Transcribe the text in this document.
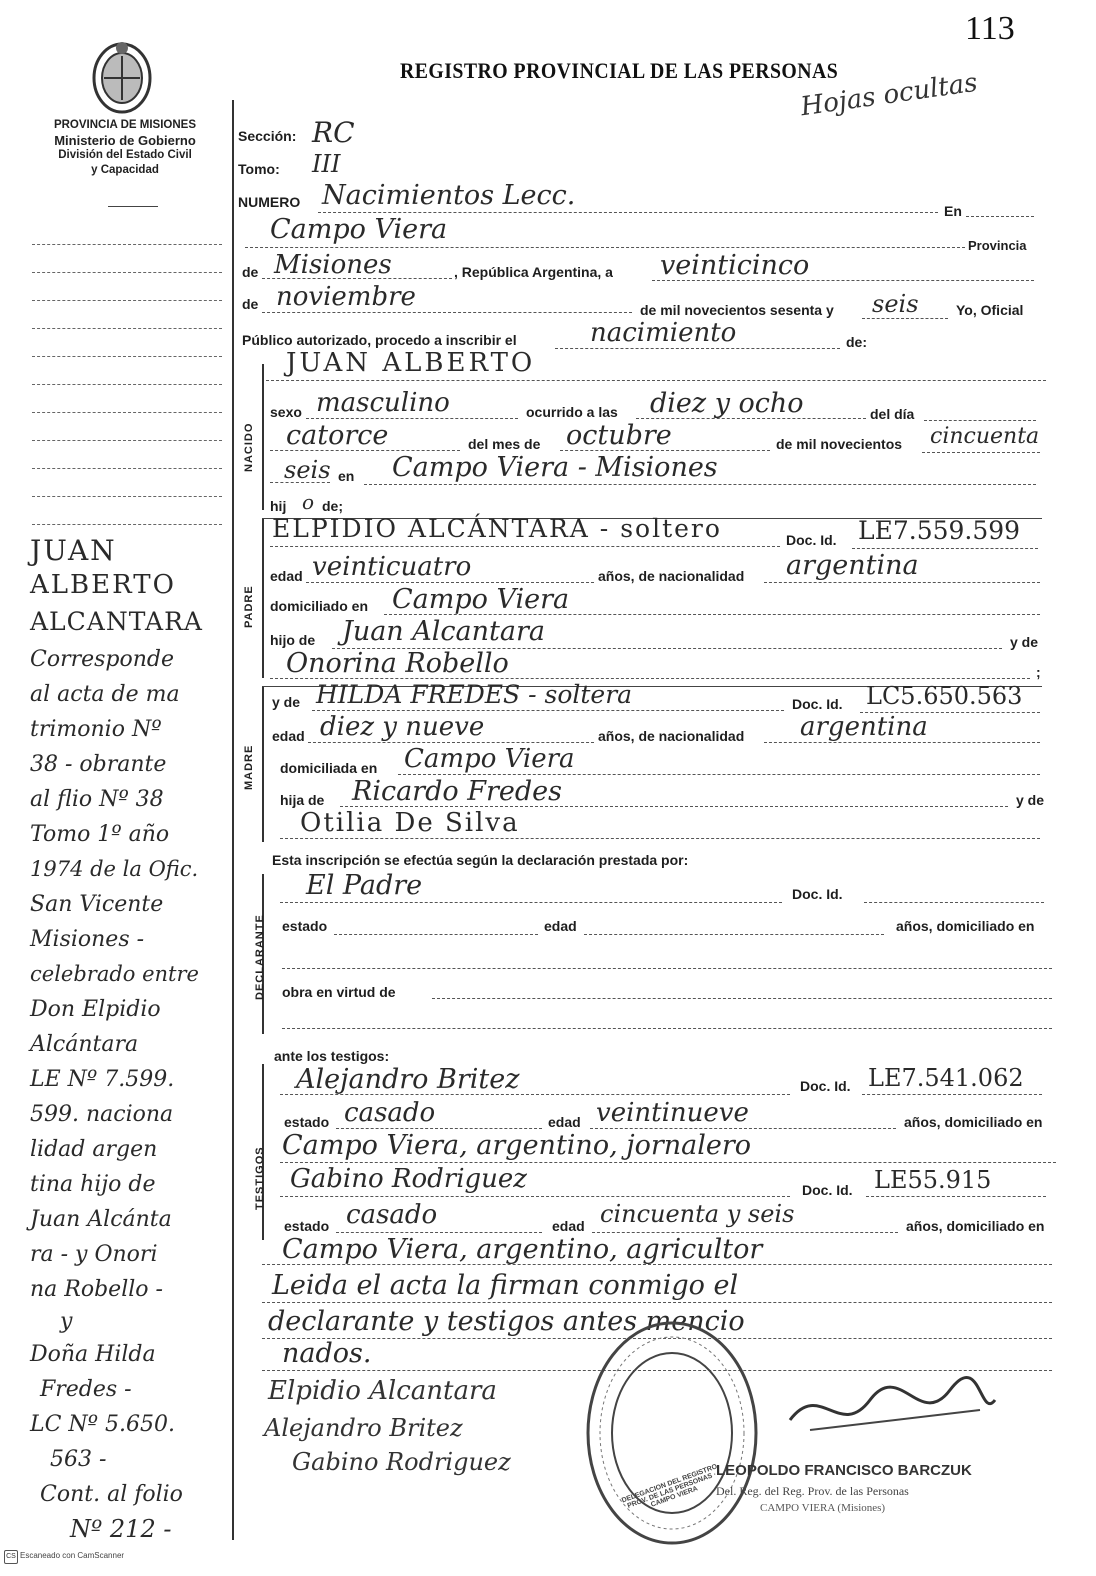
113
Hojas ocultas
REGISTRO PROVINCIAL DE LAS PERSONAS
PROVINCIA DE MISIONES
Ministerio de Gobierno
División del Estado Civil
y Capacidad
JUAN
ALBERTO
ALCANTARA
Corresponde
al acta de ma
trimonio Nº
38 - obrante
al flio Nº 38
Tomo 1º año
1974 de la Ofic.
San Vicente
Misiones -
celebrado entre
Don Elpidio
Alcántara
LE Nº 7.599.
599. naciona
lidad argen
tina hijo de
Juan Alcánta
ra - y Onori
na Robello -
y
Doña Hilda
Fredes -
LC Nº 5.650.
563 -
Cont. al folio
Nº 212 -
Sección: RC
Tomo: III
NUMERO Nacimientos Lecc.	En
Campo Viera
Provincia
de Misiones	, República Argentina, a veinticinco
de noviembre	de mil novecientos sesenta y seis	Yo, Oficial
Público autorizado, procedo a inscribir el	nacimiento	de:
JUAN ALBERTO
NACIDO
sexo masculino	ocurrido a las diez y ocho	del día
catorce	del mes de octubre	de mil novecientos cincuenta
seis en Campo Viera - Misiones
hij o de;
PADRE
ELPIDIO ALCÁNTARA - soltero	Doc. Id. LE7.559.599
edad veinticuatro	años, de nacionalidad argentina
domiciliado en Campo Viera
hijo de Juan Alcantara	y de
Onorina Robello	;
MADRE
y de HILDA FREDES - soltera	Doc. Id. LC5.650.563
edad diez y nueve	años, de nacionalidad argentina
domiciliada en Campo Viera
hija de Ricardo Fredes	y de
Otilia De Silva
Esta inscripción se efectúa según la declaración prestada por:
DECLARANTE
El Padre	Doc. Id.
estado	edad	años, domiciliado en
obra en virtud de
ante los testigos:
TESTIGOS
Alejandro Britez	Doc. Id. LE7.541.062
estado casado	edad veintinueve	años, domiciliado en
Campo Viera, argentino, jornalero
Gabino Rodriguez	Doc. Id. LE55.915
estado casado	edad cincuenta y seis	años, domiciliado en
Campo Viera, argentino, agricultor
Leida el acta la firman conmigo el
declarante y testigos antes mencio
nados.
Elpidio Alcantara
Alejandro Britez
Gabino Rodriguez
DELEGACION DEL REGISTRO PROV. DE LAS PERSONAS · CAMPO VIERA
LEOPOLDO FRANCISCO BARCZUK
Del. Reg. del Reg. Prov. de las Personas
CAMPO VIERA (Misiones)
CS Escaneado con CamScanner
